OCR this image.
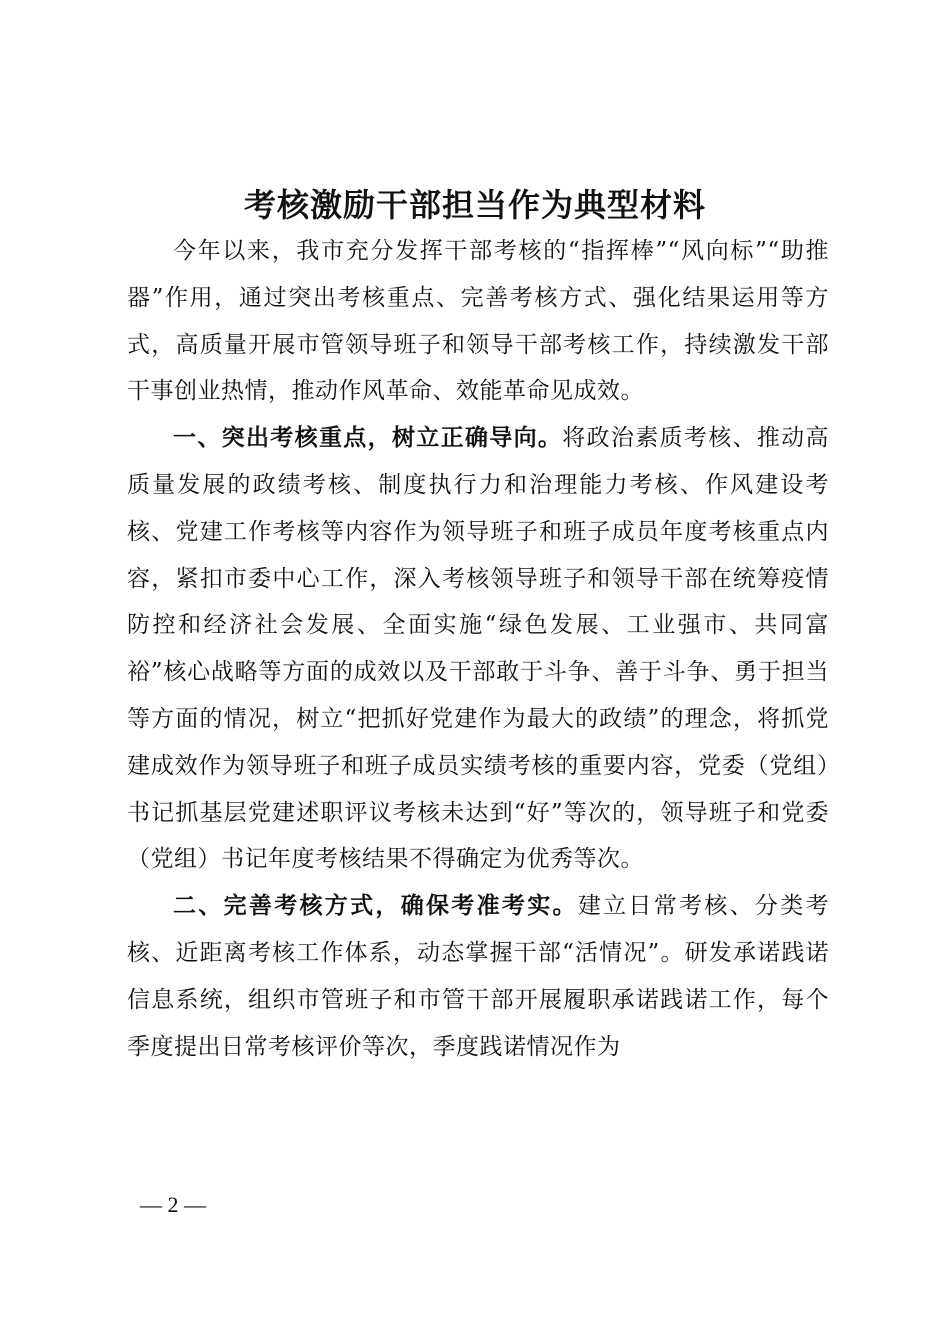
考核激励干部担当作为典型材料

今年以来，我市充分发挥干部考核的“指挥棒”“风向标”“助推器”作用，通过突出考核重点、完善考核方式、强化结果运用等方式，高质量开展市管领导班子和领导干部考核工作，持续激发干部干事创业热情，推动作风革命、效能革命见成效。

一、突出考核重点，树立正确导向。将政治素质考核、推动高质量发展的政绩考核、制度执行力和治理能力考核、作风建设考核、党建工作考核等内容作为领导班子和班子成员年度考核重点内容，紧扣市委中心工作，深入考核领导班子和领导干部在统筹疫情防控和经济社会发展、全面实施“绿色发展、工业强市、共同富裕”核心战略等方面的成效以及干部敢于斗争、善于斗争、勇于担当等方面的情况，树立“把抓好党建作为最大的政绩”的理念，将抓党建成效作为领导班子和班子成员实绩考核的重要内容，党委（党组）书记抓基层党建述职评议考核未达到“好”等次的，领导班子和党委（党组）书记年度考核结果不得确定为优秀等次。

二、完善考核方式，确保考准考实。建立日常考核、分类考核、近距离考核工作体系，动态掌握干部“活情况”。研发承诺践诺信息系统，组织市管班子和市管干部开展履职承诺践诺工作，每个季度提出日常考核评价等次，季度践诺情况作为

— 2 —
